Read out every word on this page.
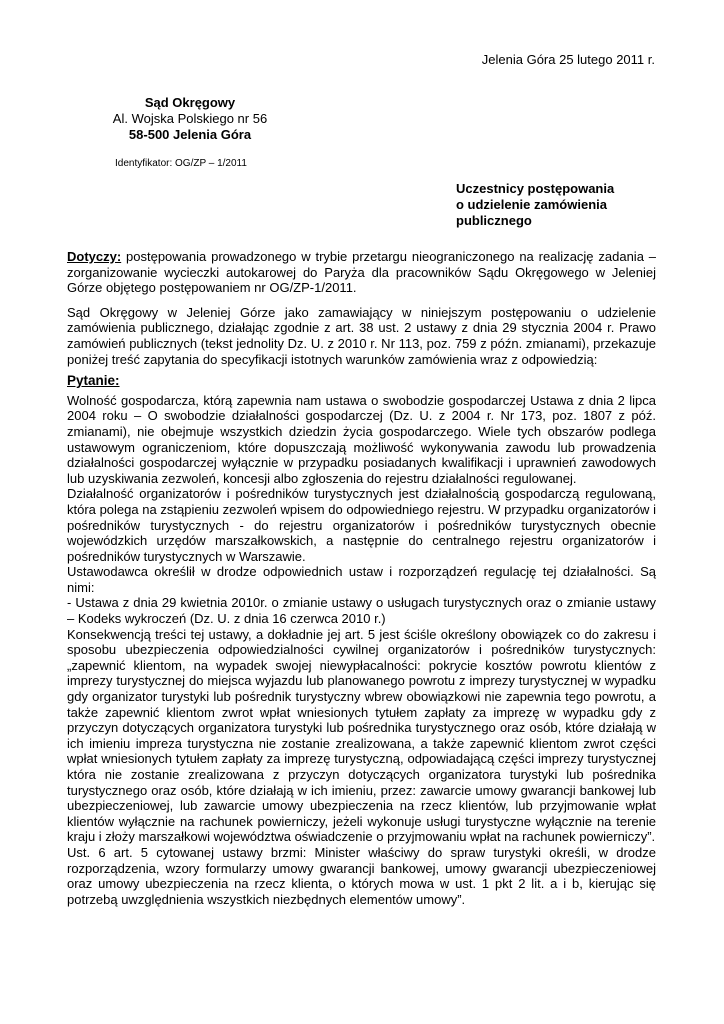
Jelenia Góra 25 lutego 2011 r.
Sąd Okręgowy
Al. Wojska Polskiego nr 56
58-500 Jelenia Góra
Identyfikator: OG/ZP – 1/2011
Uczestnicy postępowania
o udzielenie zamówienia
publicznego

Dotyczy: postępowania prowadzonego w trybie przetargu nieograniczonego na realizację zadania – zorganizowanie wycieczki autokarowej do Paryża dla pracowników Sądu Okręgowego w Jeleniej Górze objętego postępowaniem nr OG/ZP-1/2011.

Sąd Okręgowy w Jeleniej Górze jako zamawiający w niniejszym postępowaniu o udzielenie zamówienia publicznego, działając zgodnie z art. 38 ust. 2 ustawy z dnia 29 stycznia 2004 r. Prawo zamówień publicznych (tekst jednolity Dz. U. z 2010 r. Nr 113, poz. 759 z późn. zmianami), przekazuje poniżej treść zapytania do specyfikacji istotnych warunków zamówienia wraz z odpowiedzią:

Pytanie:

Wolność gospodarcza, którą zapewnia nam ustawa o swobodzie gospodarczej Ustawa z dnia 2 lipca 2004 roku – O swobodzie działalności gospodarczej (Dz. U. z 2004 r. Nr 173, poz. 1807 z póź. zmianami), nie obejmuje wszystkich dziedzin życia gospodarczego. Wiele tych obszarów podlega ustawowym ograniczeniom, które dopuszczają możliwość wykonywania zawodu lub prowadzenia działalności gospodarczej wyłącznie w przypadku posiadanych kwalifikacji i uprawnień zawodowych lub uzyskiwania zezwoleń, koncesji albo zgłoszenia do rejestru działalności regulowanej.

Działalność organizatorów i pośredników turystycznych jest działalnością gospodarczą regulowaną, która polega na zstąpieniu zezwoleń wpisem do odpowiedniego rejestru. W przypadku organizatorów i pośredników turystycznych - do rejestru organizatorów i pośredników turystycznych obecnie wojewódzkich urzędów marszałkowskich, a następnie do centralnego rejestru organizatorów i pośredników turystycznych w Warszawie.

Ustawodawca określił w drodze odpowiednich ustaw i rozporządzeń regulację tej działalności. Są nimi:

- Ustawa z dnia 29 kwietnia 2010r. o zmianie ustawy o usługach turystycznych oraz o zmianie ustawy – Kodeks wykroczeń (Dz. U. z dnia 16 czerwca 2010 r.)

Konsekwencją treści tej ustawy, a dokładnie jej art. 5 jest ściśle określony obowiązek co do zakresu i sposobu ubezpieczenia odpowiedzialności cywilnej organizatorów i pośredników turystycznych: „zapewnić klientom, na wypadek swojej niewypłacalności: pokrycie kosztów powrotu klientów z imprezy turystycznej do miejsca wyjazdu lub planowanego powrotu z imprezy turystycznej w wypadku gdy organizator turystyki lub pośrednik turystyczny wbrew obowiązkowi nie zapewnia tego powrotu, a także zapewnić klientom zwrot wpłat wniesionych tytułem zapłaty za imprezę w wypadku gdy z przyczyn dotyczących organizatora turystyki lub pośrednika turystycznego oraz osób, które działają w ich imieniu impreza turystyczna nie zostanie zrealizowana, a także zapewnić klientom zwrot części wpłat wniesionych tytułem zapłaty za imprezę turystyczną, odpowiadającą części imprezy turystycznej która nie zostanie zrealizowana z przyczyn dotyczących organizatora turystyki lub pośrednika turystycznego oraz osób, które działają w ich imieniu, przez: zawarcie umowy gwarancji bankowej lub ubezpieczeniowej, lub zawarcie umowy ubezpieczenia na rzecz klientów, lub przyjmowanie wpłat klientów wyłącznie na rachunek powierniczy, jeżeli wykonuje usługi turystyczne wyłącznie na terenie kraju i złoży marszałkowi województwa oświadczenie o przyjmowaniu wpłat na rachunek powierniczy”.

Ust. 6 art. 5 cytowanej ustawy brzmi: Minister właściwy do spraw turystyki określi, w drodze rozporządzenia, wzory formularzy umowy gwarancji bankowej, umowy gwarancji ubezpieczeniowej oraz umowy ubezpieczenia na rzecz klienta, o których mowa w ust. 1 pkt 2 lit. a i b, kierując się potrzebą uwzględnienia wszystkich niezbędnych elementów umowy”.
